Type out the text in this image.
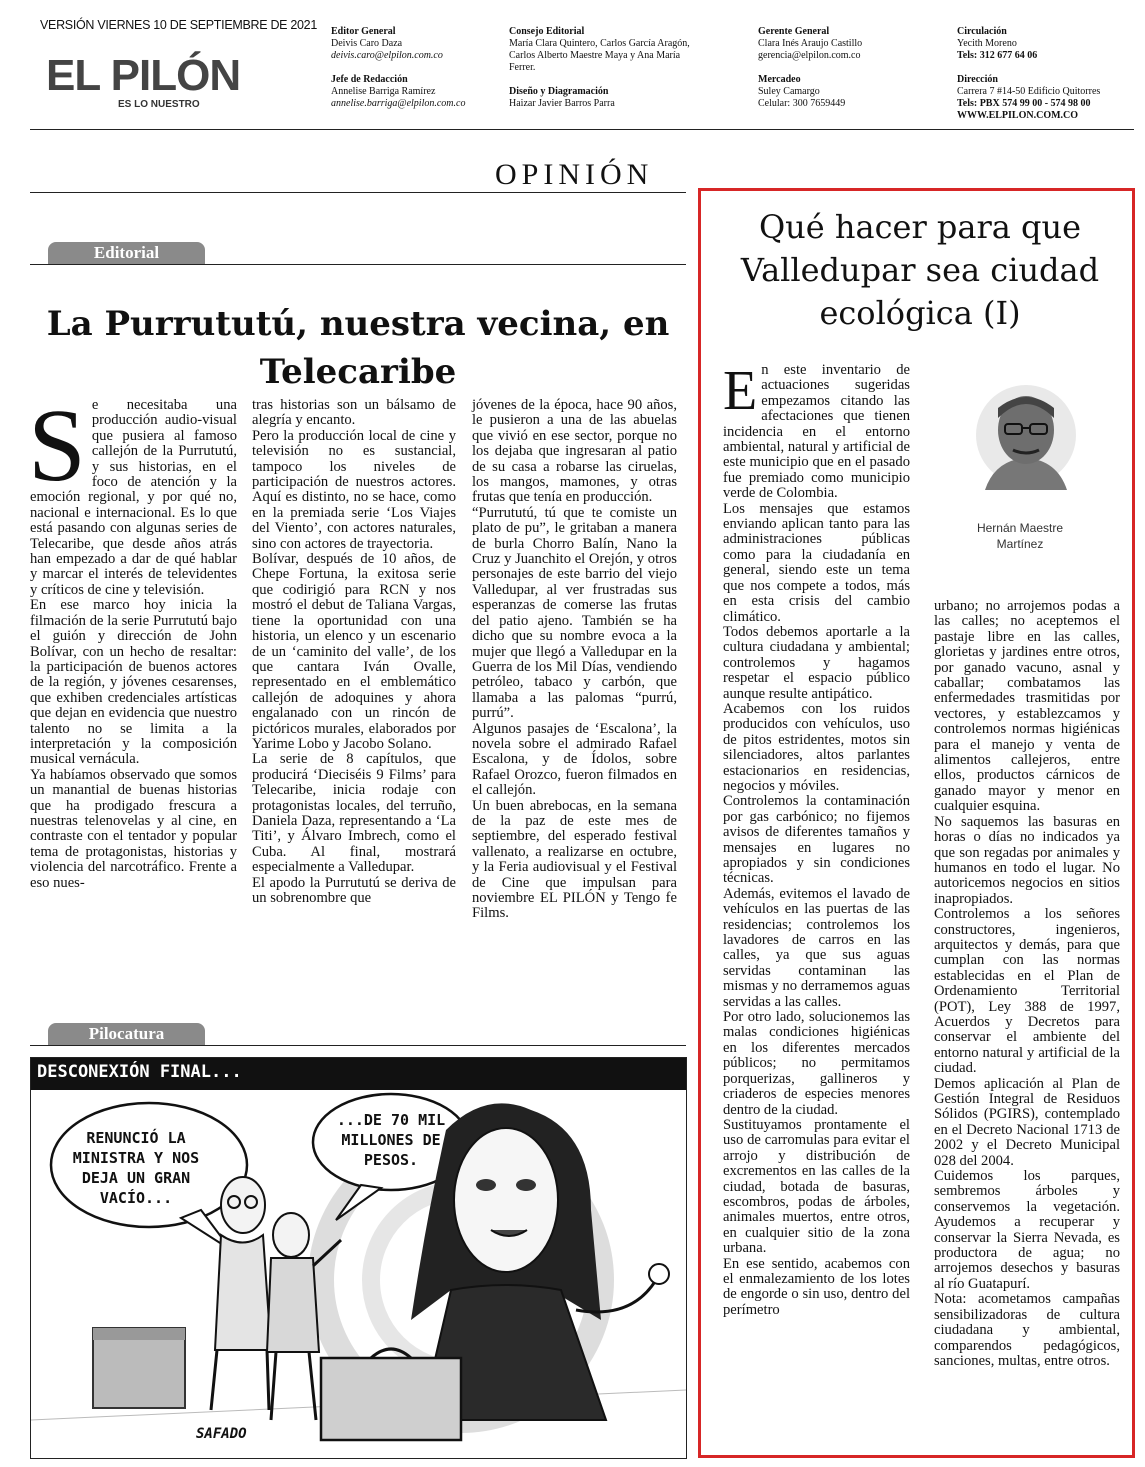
VERSIÓN VIERNES 10 DE SEPTIEMBRE DE 2021
EL PILÓN
ES LO NUESTRO
Editor General
Deivis Caro Daza
deivis.caro@elpilon.com.co
Jefe de Redacción
Annelise Barriga Ramírez
annelise.barriga@elpilon.com.co
Consejo Editorial
María Clara Quintero, Carlos García Aragón,
Carlos Alberto Maestre Maya y Ana María
Ferrer.
Diseño y Diagramación
Haizar Javier Barros Parra
Gerente General
Clara Inés Araujo Castillo
gerencia@elpilon.com.co
Mercadeo
Suley Camargo
Celular: 300 7659449
Circulación
Yecith Moreno
Tels: 312 677 64 06
Dirección
Carrera 7 #14-50 Edificio Quitorres
Tels: PBX 574 99 00 - 574 98 00
WWW.ELPILON.COM.CO
OPINIÓN
Editorial
La Purrututú, nuestra vecina, en Telecaribe
S e necesitaba una producción audio-visual que pusiera al famoso callejón de la Purrututú, y sus historias, en el foco de atención y la emoción regional, y por qué no, nacional e internacional. Es lo que está pasando con algunas series de Telecaribe, que desde años atrás han empezado a dar de qué hablar y marcar el interés de televidentes y críticos de cine y televisión.

En ese marco hoy inicia la filmación de la serie Purrututú bajo el guión y dirección de John Bolívar, con un hecho de resaltar: la participación de buenos actores de la región, y jóvenes cesarenses, que exhiben credenciales artísticas que dejan en evidencia que nuestro talento no se limita a la interpretación y la composición musical vernácula.

Ya habíamos observado que somos un manantial de buenas historias que ha prodigado frescura a nuestras telenovelas y al cine, en contraste con el tentador y popular tema de protagonistas, historias y violencia del narcotráfico. Frente a eso nues-

tras historias son un bálsamo de alegría y encanto.

Pero la producción local de cine y televisión no es sustancial, tampoco los niveles de participación de nuestros actores. Aquí es distinto, no se hace, como en la premiada serie ‘Los Viajes del Viento’, con actores naturales, sino con actores de trayectoria.

Bolívar, después de 10 años, de Chepe Fortuna, la exitosa serie que codirigió para RCN y nos mostró el debut de Taliana Vargas, tiene la oportunidad con una historia, un elenco y un escenario de un ‘caminito del valle’, de los que cantara Iván Ovalle, representado en el emblemático callejón de adoquines y ahora engalanado con un rincón de pictóricos murales, elaborados por Yarime Lobo y Jacobo Solano.

La serie de 8 capítulos, que producirá ‘Dieciséis 9 Films’ para Telecaribe, inicia rodaje con protagonistas locales, del terruño, Daniela Daza, representando a ‘La Titi’, y Álvaro Imbrech, como el Cuba. Al final, mostrará especialmente a Valledupar.

El apodo la Purrututú se deriva de un sobrenombre que

jóvenes de la época, hace 90 años, le pusieron a una de las abuelas que vivió en ese sector, porque no los dejaba que ingresaran al patio de su casa a robarse las ciruelas, los mangos, mamones, y otras frutas que tenía en producción.

“Purrututú, tú que te comiste un plato de pu”, le gritaban a manera de burla Chorro Balín, Nano la Cruz y Juanchito el Orejón, y otros personajes de este barrio del viejo Valledupar, al ver frustradas sus esperanzas de comerse las frutas del patio ajeno. También se ha dicho que su nombre evoca a la mujer que llegó a Valledupar en la Guerra de los Mil Días, vendiendo petróleo, tabaco y carbón, que llamaba a las palomas “purrú, purrú”.

Algunos pasajes de ‘Escalona’, la novela sobre el admirado Rafael Escalona, y de Ídolos, sobre Rafael Orozco, fueron filmados en el callejón.

Un buen abrebocas, en la semana de la paz de este mes de septiembre, del esperado festival vallenato, a realizarse en octubre, y la Feria audiovisual y el Festival de Cine que impulsan para noviembre EL PILÓN y Tengo fe Films.

Pilocatura
DESCONEXIÓN FINAL...
RENUNCIÓ LA MINISTRA Y NOS DEJA UN GRAN VACÍO...
...DE 70 MIL MILLONES DE PESOS.
SAFADO
Qué hacer para que Valledupar sea ciudad ecológica (I)
Hernán Maestre Martínez
E n este inventario de actuaciones sugeridas empezamos citando las afectaciones que tienen incidencia en el entorno ambiental, natural y artificial de este municipio que en el pasado fue premiado como municipio verde de Colombia.

Los mensajes que estamos enviando aplican tanto para las administraciones públicas como para la ciudadanía en general, siendo este un tema que nos compete a todos, más en esta crisis del cambio climático.

Todos debemos aportarle a la cultura ciudadana y ambiental; controlemos y hagamos respetar el espacio público aunque resulte antipático.

Acabemos con los ruidos producidos con vehículos, uso de pitos estridentes, motos sin silenciadores, altos parlantes estacionarios en residencias, negocios y móviles.

Controlemos la contaminación por gas carbónico; no fijemos avisos de diferentes tamaños y mensajes en lugares no apropiados y sin condiciones técnicas.

Además, evitemos el lavado de vehículos en las puertas de las residencias; controlemos los lavadores de carros en las calles, ya que sus aguas servidas contaminan las mismas y no derramemos aguas servidas a las calles.

Por otro lado, solucionemos las malas condiciones higiénicas en los diferentes mercados públicos; no permitamos porquerizas, gallineros y criaderos de especies menores dentro de la ciudad.

Sustituyamos prontamente el uso de carromulas para evitar el arrojo y distribución de excrementos en las calles de la ciudad, botada de basuras, escombros, podas de árboles, animales muertos, entre otros, en cualquier sitio de la zona urbana.

En ese sentido, acabemos con el enmalezamiento de los lotes de engorde o sin uso, dentro del perímetro

urbano; no arrojemos podas a las calles; no aceptemos el pastaje libre en las calles, glorietas y jardines entre otros, por ganado vacuno, asnal y caballar; combatamos las enfermedades trasmitidas por vectores, y establezcamos y controlemos normas higiénicas para el manejo y venta de alimentos callejeros, entre ellos, productos cárnicos de ganado mayor y menor en cualquier esquina.

No saquemos las basuras en horas o días no indicados ya que son regadas por animales y humanos en todo el lugar. No autoricemos negocios en sitios inapropiados.

Controlemos a los señores constructores, ingenieros, arquitectos y demás, para que cumplan con las normas establecidas en el Plan de Ordenamiento Territorial (POT), Ley 388 de 1997, Acuerdos y Decretos para conservar el ambiente del entorno natural y artificial de la ciudad.

Demos aplicación al Plan de Gestión Integral de Residuos Sólidos (PGIRS), contemplado en el Decreto Nacional 1713 de 2002 y el Decreto Municipal 028 del 2004.

Cuidemos los parques, sembremos árboles y conservemos la vegetación. Ayudemos a recuperar y conservar la Sierra Nevada, es productora de agua; no arrojemos desechos y basuras al río Guatapurí.

Nota: acometamos campañas sensibilizadoras de cultura ciudadana y ambiental, comparendos pedagógicos, sanciones, multas, entre otros.
